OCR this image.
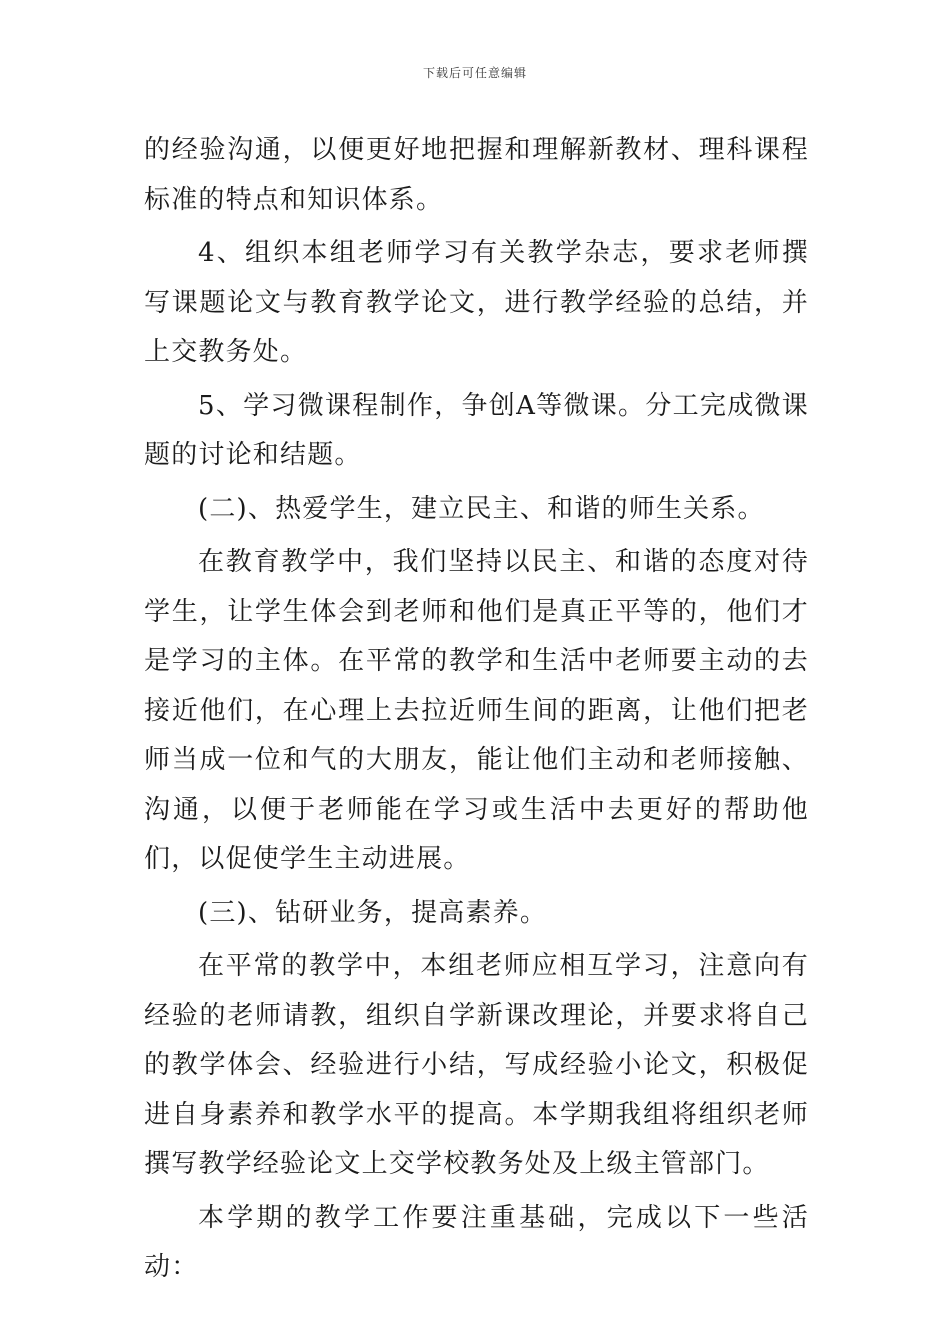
下载后可任意编辑

的经验沟通，以便更好地把握和理解新教材、理科课程标准的特点和知识体系。

4、组织本组老师学习有关教学杂志，要求老师撰写课题论文与教育教学论文，进行教学经验的总结，并上交教务处。

5、学习微课程制作，争创A等微课。分工完成微课题的讨论和结题。

(二)、热爱学生，建立民主、和谐的师生关系。

在教育教学中，我们坚持以民主、和谐的态度对待学生，让学生体会到老师和他们是真正平等的，他们才是学习的主体。在平常的教学和生活中老师要主动的去接近他们，在心理上去拉近师生间的距离，让他们把老师当成一位和气的大朋友，能让他们主动和老师接触、沟通，以便于老师能在学习或生活中去更好的帮助他们，以促使学生主动进展。

(三)、钻研业务，提高素养。

在平常的教学中，本组老师应相互学习，注意向有经验的老师请教，组织自学新课改理论，并要求将自己的教学体会、经验进行小结，写成经验小论文，积极促进自身素养和教学水平的提高。本学期我组将组织老师撰写教学经验论文上交学校教务处及上级主管部门。

本学期的教学工作要注重基础，完成以下一些活动：
